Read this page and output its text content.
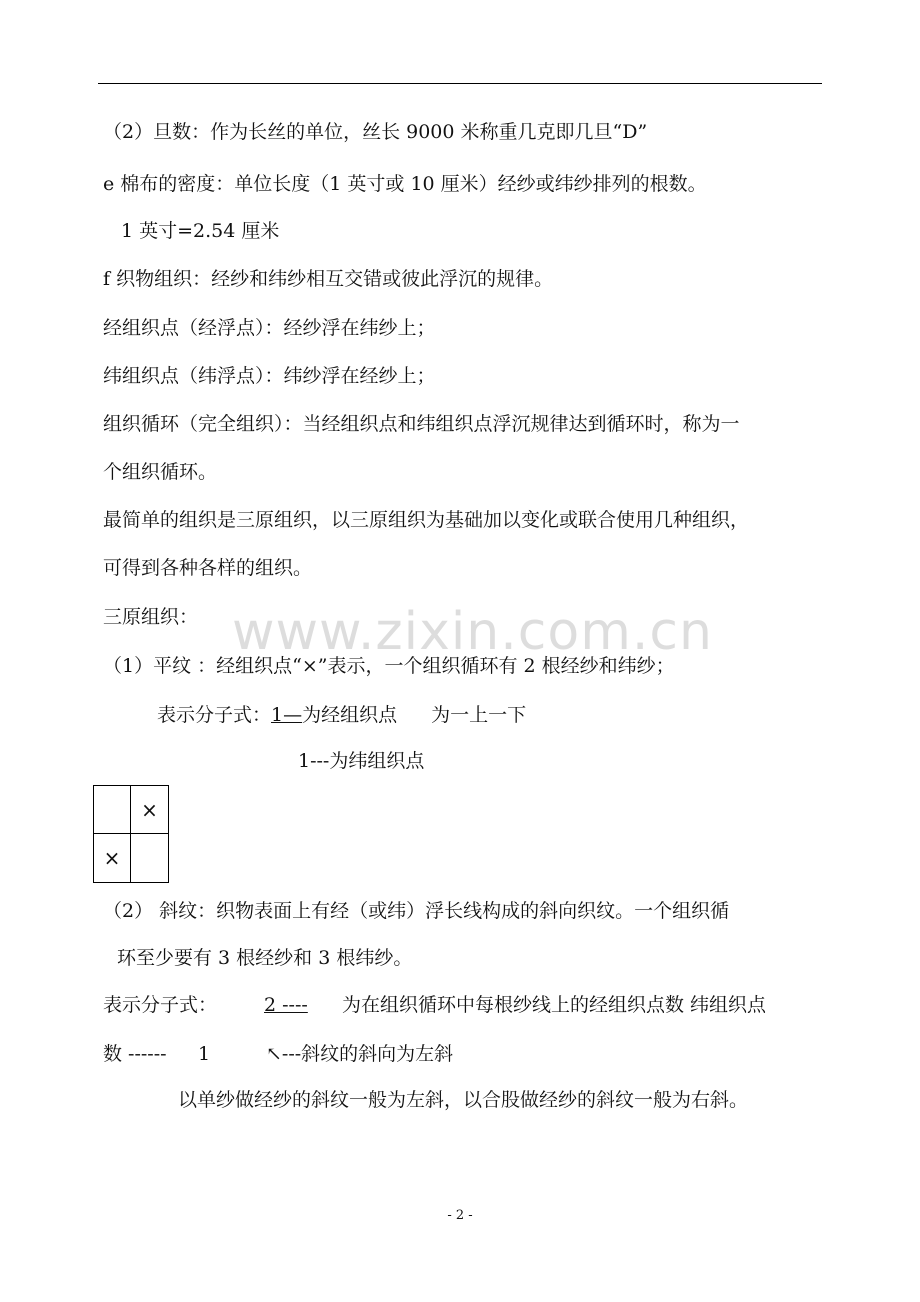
（2）旦数：作为长丝的单位，丝长 9000 米称重几克即几旦“D”
e 棉布的密度：单位长度（1 英寸或 10 厘米）经纱或纬纱排列的根数。
1 英寸=2.54 厘米
f 织物组织：经纱和纬纱相互交错或彼此浮沉的规律。
经组织点（经浮点）：经纱浮在纬纱上；
纬组织点（纬浮点）：纬纱浮在经纱上；
组织循环（完全组织）：当经组织点和纬组织点浮沉规律达到循环时，称为一
个组织循环。
最简单的组织是三原组织，以三原组织为基础加以变化或联合使用几种组织，
可得到各种各样的组织。
三原组织：
（1）平纹 ：经组织点“×”表示，一个组织循环有 2 根经纱和纬纱；
表示分子式：1—为经组织点 为一上一下
1---为纬组织点
×
×
（2） 斜纹：织物表面上有经（或纬）浮长线构成的斜向织纹。一个组织循
环至少要有 3 根经纱和 3 根纬纱。
表示分子式： 2 ---- 为在组织循环中每根纱线上的经组织点数 纬组织点
数 ------ 1	↖---斜纹的斜向为左斜
以单纱做经纱的斜纹一般为左斜，以合股做经纱的斜纹一般为右斜。
www.zixin.com.cn
- 2 -
